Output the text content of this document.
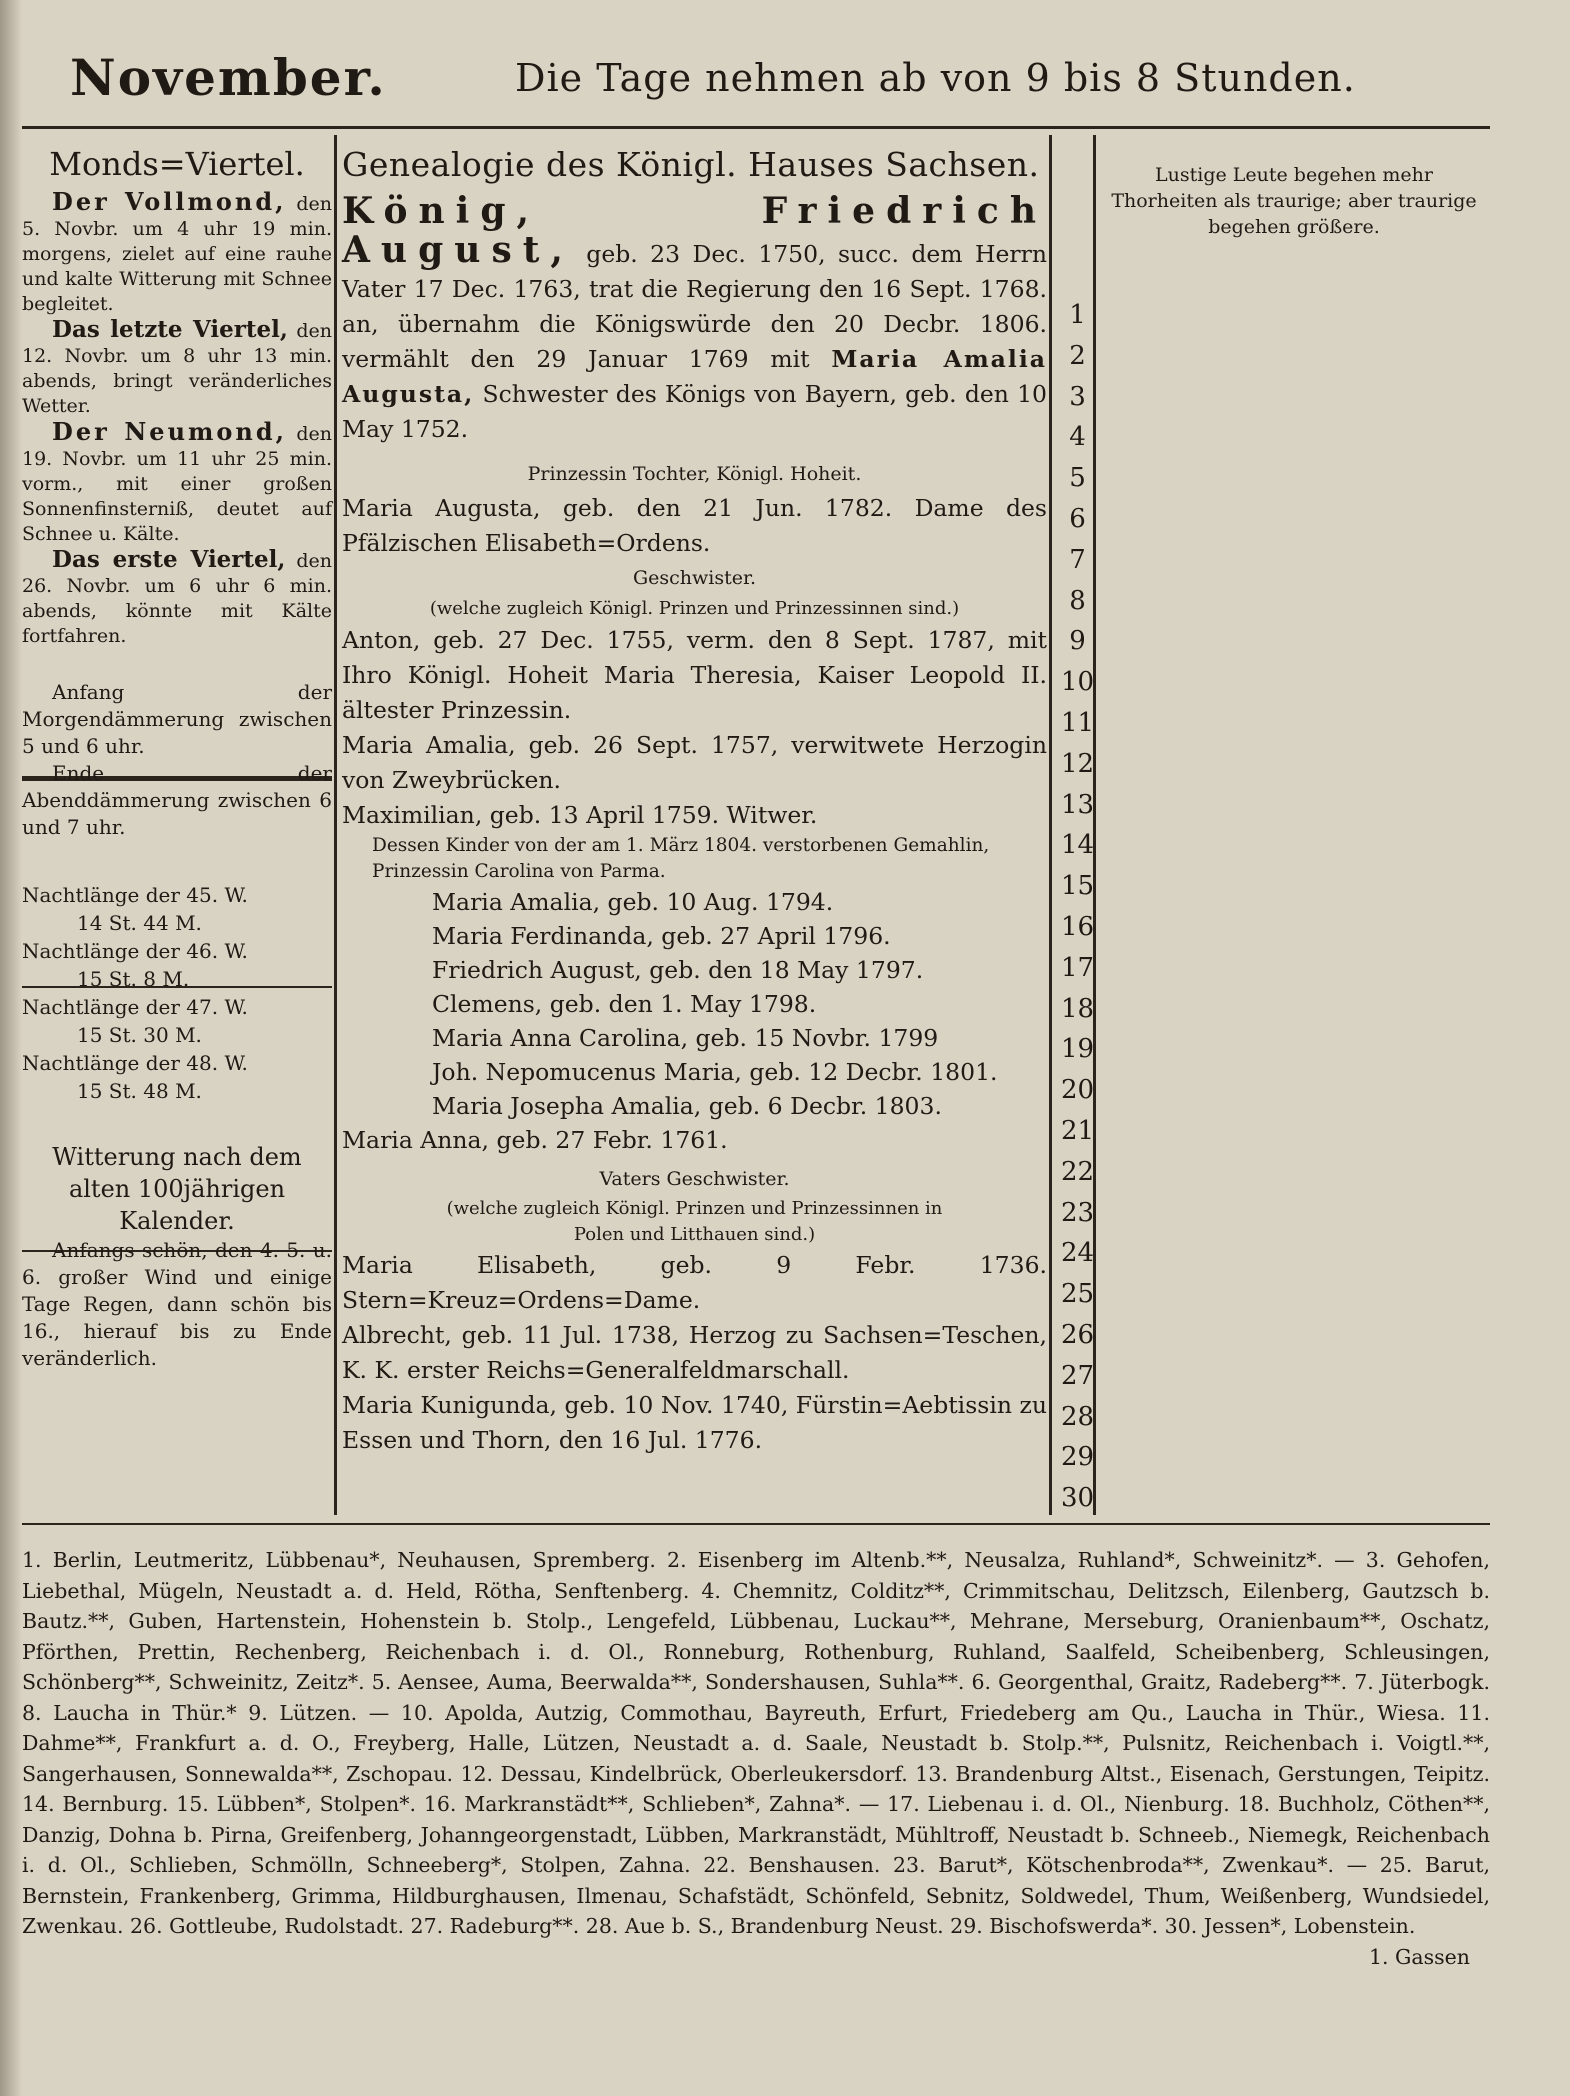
November.	Die Tage nehmen ab von 9 bis 8 Stunden.
Monds=Viertel.

Der Vollmond, den 5. Novbr. um 4 uhr 19 min. morgens, zielet auf eine rauhe und kalte Witterung mit Schnee begleitet.

Das letzte Viertel, den 12. Novbr. um 8 uhr 13 min. abends, bringt veränderliches Wetter.

Der Neumond, den 19. Novbr. um 11 uhr 25 min. vorm., mit einer großen Sonnenfinsterniß, deutet auf Schnee u. Kälte.

Das erste Viertel, den 26. Novbr. um 6 uhr 6 min. abends, könnte mit Kälte fortfahren.

Anfang der Morgendämmerung zwischen 5 und 6 uhr.

Ende der Abenddämmerung zwischen 6 und 7 uhr.

Nachtlänge der 45. W.
14 St. 44 M.
Nachtlänge der 46. W.
15 St. 8 M.
Nachtlänge der 47. W.
15 St. 30 M.
Nachtlänge der 48. W.
15 St. 48 M.
Witterung nach dem alten 100jährigen Kalender.

Anfangs schön, den 4. 5. u. 6. großer Wind und einige Tage Regen, dann schön bis 16., hierauf bis zu Ende veränderlich.

Genealogie des Königl. Hauses Sachsen.

König, Friedrich August, geb. 23 Dec. 1750, succ. dem Herrn Vater 17 Dec. 1763, trat die Regierung den 16 Sept. 1768. an, übernahm die Königswürde den 20 Decbr. 1806. vermählt den 29 Januar 1769 mit Maria Amalia Augusta, Schwester des Königs von Bayern, geb. den 10 May 1752.

Prinzessin Tochter, Königl. Hoheit.

Maria Augusta, geb. den 21 Jun. 1782. Dame des Pfälzischen Elisabeth=Ordens.

Geschwister.

(welche zugleich Königl. Prinzen und Prinzessinnen sind.)

Anton, geb. 27 Dec. 1755, verm. den 8 Sept. 1787, mit Ihro Königl. Hoheit Maria Theresia, Kaiser Leopold II. ältester Prinzessin.

Maria Amalia, geb. 26 Sept. 1757, verwitwete Herzogin von Zweybrücken.

Maximilian, geb. 13 April 1759. Witwer.

Dessen Kinder von der am 1. März 1804. verstorbenen Gemahlin, Prinzessin Carolina von Parma.

Maria Amalia, geb. 10 Aug. 1794.

Maria Ferdinanda, geb. 27 April 1796.

Friedrich August, geb. den 18 May 1797.

Clemens, geb. den 1. May 1798.

Maria Anna Carolina, geb. 15 Novbr. 1799

Joh. Nepomucenus Maria, geb. 12 Decbr. 1801.

Maria Josepha Amalia, geb. 6 Decbr. 1803.

Maria Anna, geb. 27 Febr. 1761.

Vaters Geschwister.

(welche zugleich Königl. Prinzen und Prinzessinnen in Polen und Litthauen sind.)

Maria Elisabeth, geb. 9 Febr. 1736. Stern=Kreuz=Ordens=Dame.

Albrecht, geb. 11 Jul. 1738, Herzog zu Sachsen=Teschen, K. K. erster Reichs=Generalfeldmarschall.

Maria Kunigunda, geb. 10 Nov. 1740, Fürstin=Aebtissin zu Essen und Thorn, den 16 Jul. 1776.

1
2
3
4
5
6
7
8
9
10
11
12
13
14
15
16
17
18
19
20
21
22
23
24
25
26
27
28
29
30
Lustige Leute begehen mehr Thorheiten als traurige; aber traurige begehen größere.

1. Berlin, Leutmeritz, Lübbenau*, Neuhausen, Spremberg. 2. Eisenberg im Altenb.**, Neusalza, Ruhland*, Schweinitz*. — 3. Gehofen, Liebethal, Mügeln, Neustadt a. d. Held, Rötha, Senftenberg. 4. Chemnitz, Colditz**, Crimmitschau, Delitzsch, Eilenberg, Gautzsch b. Bautz.**, Guben, Hartenstein, Hohenstein b. Stolp., Lengefeld, Lübbenau, Luckau**, Mehrane, Merseburg, Oranienbaum**, Oschatz, Pförthen, Prettin, Rechenberg, Reichenbach i. d. Ol., Ronneburg, Rothenburg, Ruhland, Saalfeld, Scheibenberg, Schleusingen, Schönberg**, Schweinitz, Zeitz*. 5. Aensee, Auma, Beerwalda**, Sondershausen, Suhla**. 6. Georgenthal, Graitz, Radeberg**. 7. Jüterbogk. 8. Laucha in Thür.* 9. Lützen. — 10. Apolda, Autzig, Commothau, Bayreuth, Erfurt, Friedeberg am Qu., Laucha in Thür., Wiesa. 11. Dahme**, Frankfurt a. d. O., Freyberg, Halle, Lützen, Neustadt a. d. Saale, Neustadt b. Stolp.**, Pulsnitz, Reichenbach i. Voigtl.**, Sangerhausen, Sonnewalda**, Zschopau. 12. Dessau, Kindelbrück, Oberleukersdorf. 13. Brandenburg Altst., Eisenach, Gerstungen, Teipitz. 14. Bernburg. 15. Lübben*, Stolpen*. 16. Markranstädt**, Schlieben*, Zahna*. — 17. Liebenau i. d. Ol., Nienburg. 18. Buchholz, Cöthen**, Danzig, Dohna b. Pirna, Greifenberg, Johanngeorgenstadt, Lübben, Markranstädt, Mühltroff, Neustadt b. Schneeb., Niemegk, Reichenbach i. d. Ol., Schlieben, Schmölln, Schneeberg*, Stolpen, Zahna. 22. Benshausen. 23. Barut*, Kötschenbroda**, Zwenkau*. — 25. Barut, Bernstein, Frankenberg, Grimma, Hildburghausen, Ilmenau, Schafstädt, Schönfeld, Sebnitz, Soldwedel, Thum, Weißenberg, Wundsiedel, Zwenkau. 26. Gottleube, Rudolstadt. 27. Radeburg**. 28. Aue b. S., Brandenburg Neust. 29. Bischofswerda*. 30. Jessen*, Lobenstein.

1. Gassen
